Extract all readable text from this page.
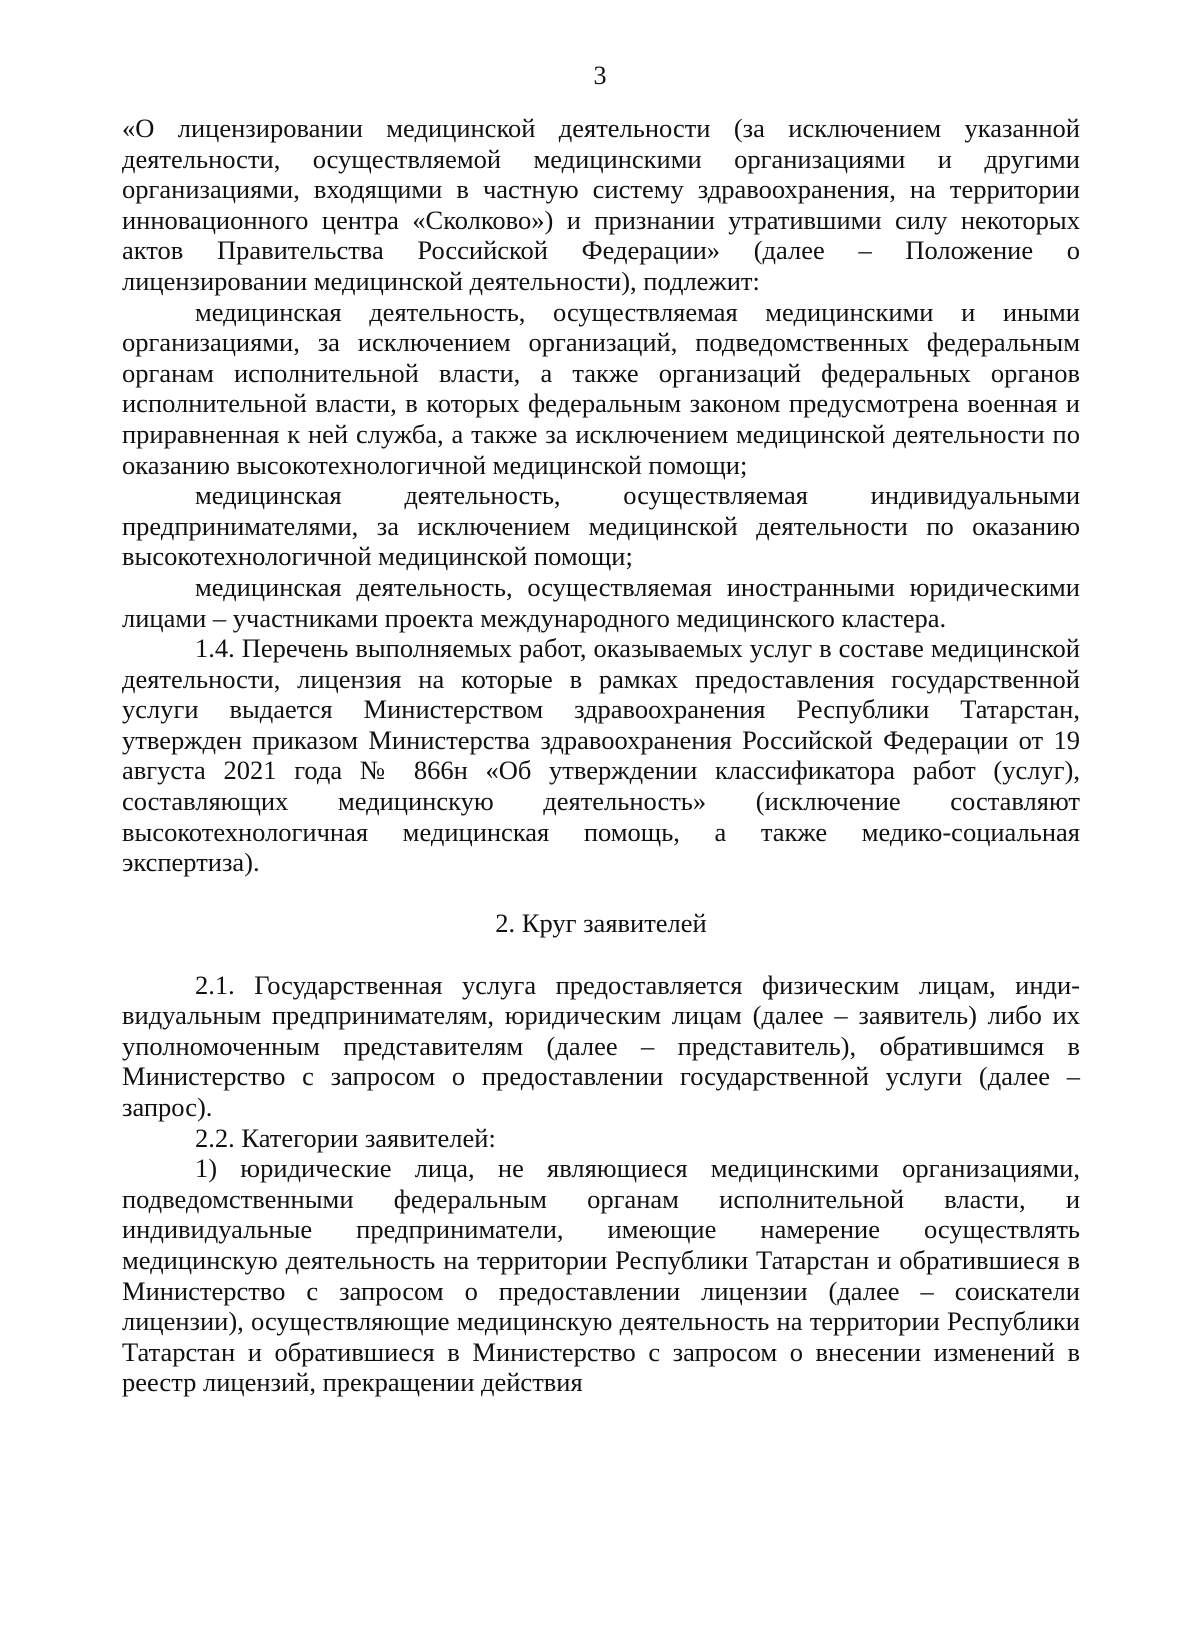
3

«О лицензировании медицинской деятельности (за исключением указанной деятельности, осуществляемой медицинскими организациями и другими организациями, входящими в частную систему здравоохранения, на территории инновационного центра «Сколково») и признании утратившими силу некоторых актов Правительства Российской Федерации» (далее – Положение о лицензировании медицинской деятельности), подлежит:

медицинская деятельность, осуществляемая медицинскими и иными организациями, за исключением организаций, подведомственных федеральным органам исполнительной власти, а также организаций федеральных органов исполнительной власти, в которых федеральным законом предусмотрена военная и приравненная к ней служба, а также за исключением медицинской деятельности по оказанию высокотехнологичной медицинской помощи;

медицинская деятельность, осуществляемая индивидуальными предпринимателями, за исключением медицинской деятельности по оказанию высокотехнологичной медицинской помощи;

медицинская деятельность, осуществляемая иностранными юридическими лицами – участниками проекта международного медицинского кластера.

1.4. Перечень выполняемых работ, оказываемых услуг в составе медицинской деятельности, лицензия на которые в рамках предоставления государственной услуги выдается Министерством здравоохранения Республики Татарстан, утвержден приказом Министерства здравоохранения Российской Федерации от 19 августа 2021 года № 866н «Об утверждении классификатора работ (услуг), составляющих медицинскую деятельность» (исключение составляют высокотехнологичная медицинская помощь, а также медико-социальная экспертиза).

2. Круг заявителей

2.1. Государственная услуга предоставляется физическим лицам, индивидуальным предпринимателям, юридическим лицам (далее – заявитель) либо их уполномоченным представителям (далее – представитель), обратившимся в Министерство с запросом о предоставлении государственной услуги (далее – запрос).

2.2. Категории заявителей:

1) юридические лица, не являющиеся медицинскими организациями, подведомственными федеральным органам исполнительной власти, и индивидуальные предприниматели, имеющие намерение осуществлять медицинскую деятельность на территории Республики Татарстан и обратившиеся в Министерство с запросом о предоставлении лицензии (далее – соискатели лицензии), осуществляющие медицинскую деятельность на территории Республики Татарстан и обратившиеся в Министерство с запросом о внесении изменений в реестр лицензий, прекращении действия
